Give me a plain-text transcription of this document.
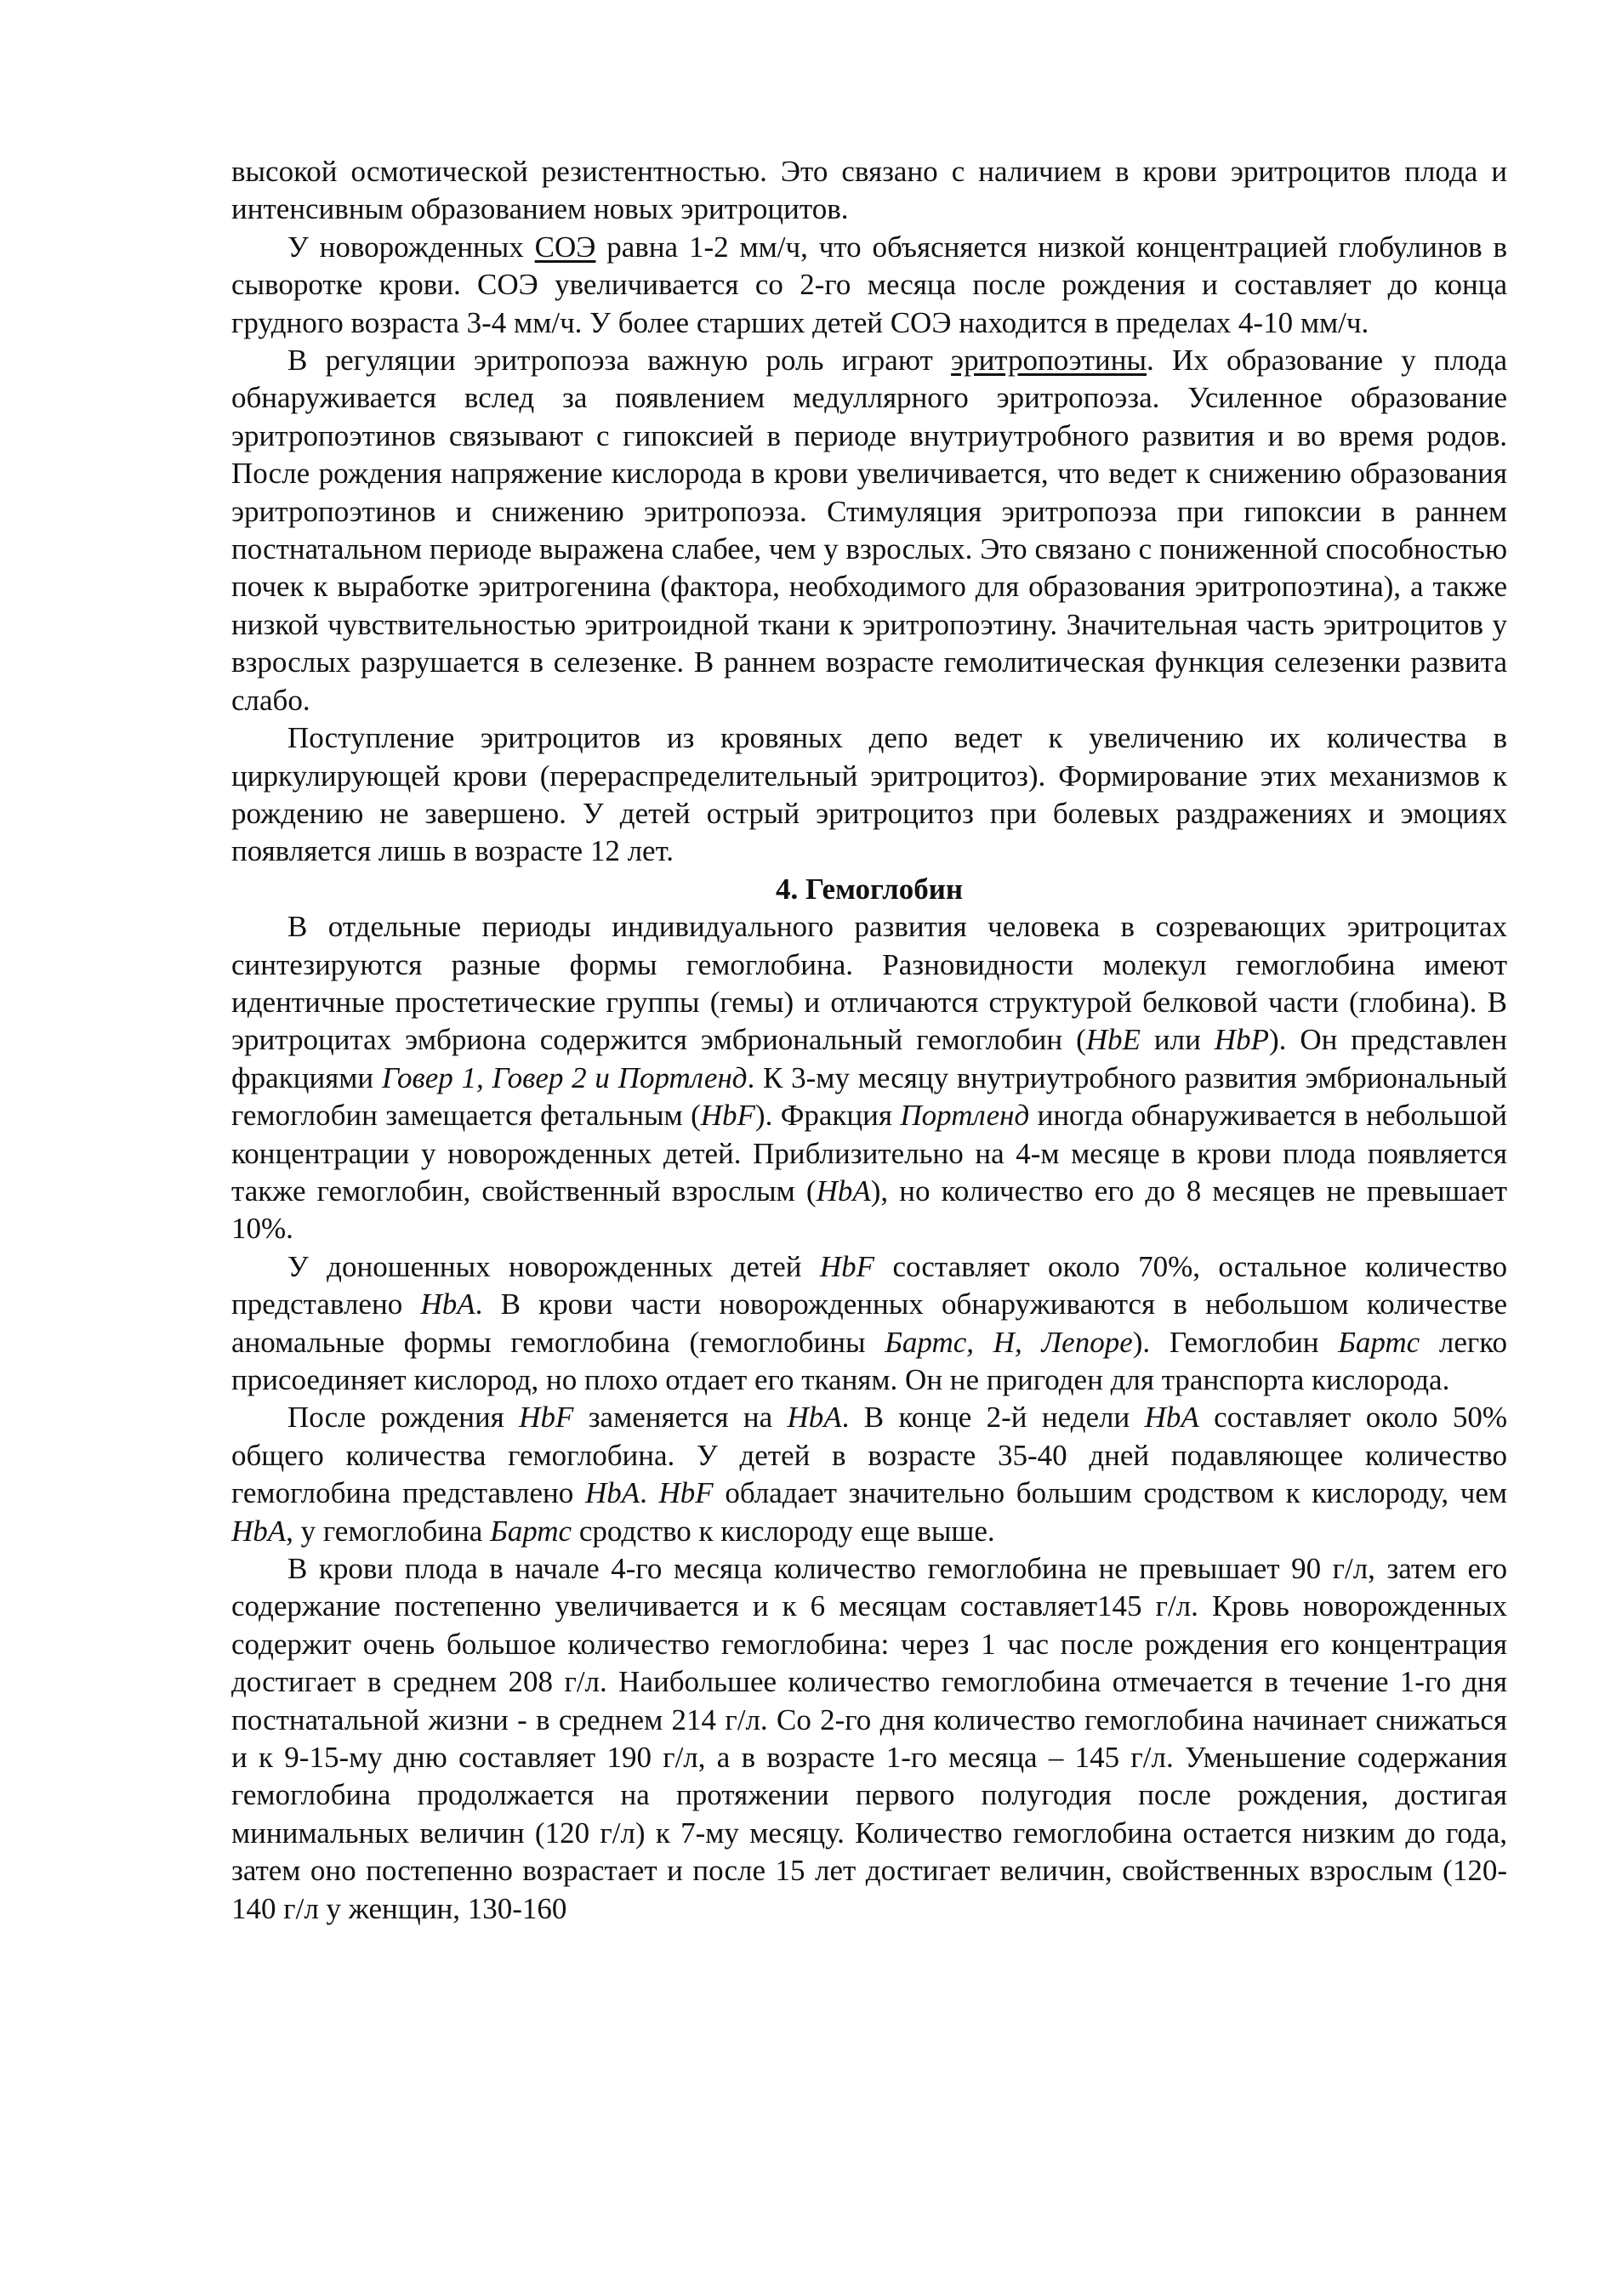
высокой осмотической резистентностью. Это связано с наличием в крови эритроцитов плода и интенсивным образованием новых эритроцитов.

У новорожденных СОЭ равна 1-2 мм/ч, что объясняется низкой концентрацией глобулинов в сыворотке крови. СОЭ увеличивается со 2-го месяца после рождения и составляет до конца грудного возраста 3-4 мм/ч. У более старших детей СОЭ находится в пределах 4-10 мм/ч.

В регуляции эритропоэза важную роль играют эритропоэтины. Их образование у плода обнаруживается вслед за появлением медуллярного эритропоэза. Усиленное образование эритропоэтинов связывают с гипоксией в периоде внутриутробного развития и во время родов. После рождения напряжение кислорода в крови увеличивается, что ведет к снижению образования эритропоэтинов и снижению эритропоэза. Стимуляция эритропоэза при гипоксии в раннем постнатальном периоде выражена слабее, чем у взрослых. Это связано с пониженной способностью почек к выработке эритрогенина (фактора, необходимого для образования эритропоэтина), а также низкой чувствительностью эритроидной ткани к эритропоэтину. Значительная часть эритроцитов у взрослых разрушается в селезенке. В раннем возрасте гемолитическая функция селезенки развита слабо.

Поступление эритроцитов из кровяных депо ведет к увеличению их количества в циркулирующей крови (перераспределительный эритроцитоз). Формирование этих механизмов к рождению не завершено. У детей острый эритроцитоз при болевых раздражениях и эмоциях появляется лишь в возрасте 12 лет.

4. Гемоглобин

В отдельные периоды индивидуального развития человека в созревающих эритроцитах синтезируются разные формы гемоглобина. Разновидности молекул гемоглобина имеют идентичные простетические группы (гемы) и отличаются структурой белковой части (глобина). В эритроцитах эмбриона содержится эмбриональный гемоглобин (HbE или HbP). Он представлен фракциями Говер 1, Говер 2 и Портленд. К 3-му месяцу внутриутробного развития эмбриональный гемоглобин замещается фетальным (HbF). Фракция Портленд иногда обнаруживается в небольшой концентрации у новорожденных детей. Приблизительно на 4-м месяце в крови плода появляется также гемоглобин, свойственный взрослым (HbA), но количество его до 8 месяцев не превышает 10%.

У доношенных новорожденных детей HbF составляет около 70%, остальное количество представлено HbA. В крови части новорожденных обнаруживаются в небольшом количестве аномальные формы гемоглобина (гемоглобины Бартс, Н, Лепоре). Гемоглобин Бартс легко присоединяет кислород, но плохо отдает его тканям. Он не пригоден для транспорта кислорода.

После рождения HbF заменяется на HbA. В конце 2-й недели HbA составляет около 50% общего количества гемоглобина. У детей в возрасте 35-40 дней подавляющее количество гемоглобина представлено HbA. HbF обладает значительно большим сродством к кислороду, чем HbA, у гемоглобина Бартс сродство к кислороду еще выше.

В крови плода в начале 4-го месяца количество гемоглобина не превышает 90 г/л, затем его содержание постепенно увеличивается и к 6 месяцам составляет145 г/л. Кровь новорожденных содержит очень большое количество гемоглобина: через 1 час после рождения его концентрация достигает в среднем 208 г/л. Наибольшее количество гемоглобина отмечается в течение 1-го дня постнатальной жизни - в среднем 214 г/л. Со 2-го дня количество гемоглобина начинает снижаться и к 9-15-му дню составляет 190 г/л, а в возрасте 1-го месяца – 145 г/л. Уменьшение содержания гемоглобина продолжается на протяжении первого полугодия после рождения, достигая минимальных величин (120 г/л) к 7-му месяцу. Количество гемоглобина остается низким до года, затем оно постепенно возрастает и после 15 лет достигает величин, свойственных взрослым (120-140 г/л у женщин, 130-160
